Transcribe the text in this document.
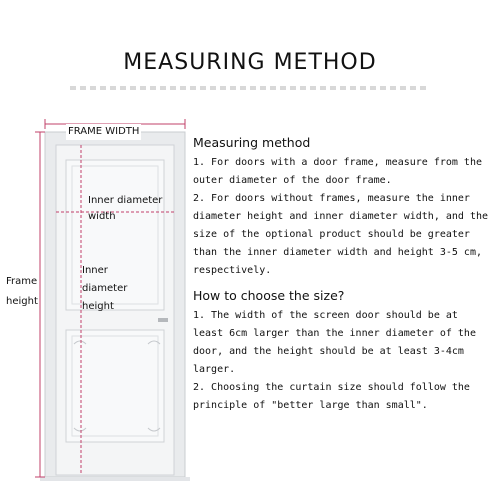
MEASURING METHOD
FRAME WIDTH
Inner diameter
width
Inner
diameter
height
Frame
height
Measuring method

1. For doors with a door frame, measure from the outer diameter of the door frame.

2. For doors without frames, measure the inner diameter height and inner diameter width, and the size of the optional product should be greater than the inner diameter width and height 3-5 cm, respectively.

How to choose the size?

1. The width of the screen door should be at least 6cm larger than the inner diameter of the door, and the height should be at least 3-4cm larger.

2. Choosing the curtain size should follow the principle of "better large than small".
